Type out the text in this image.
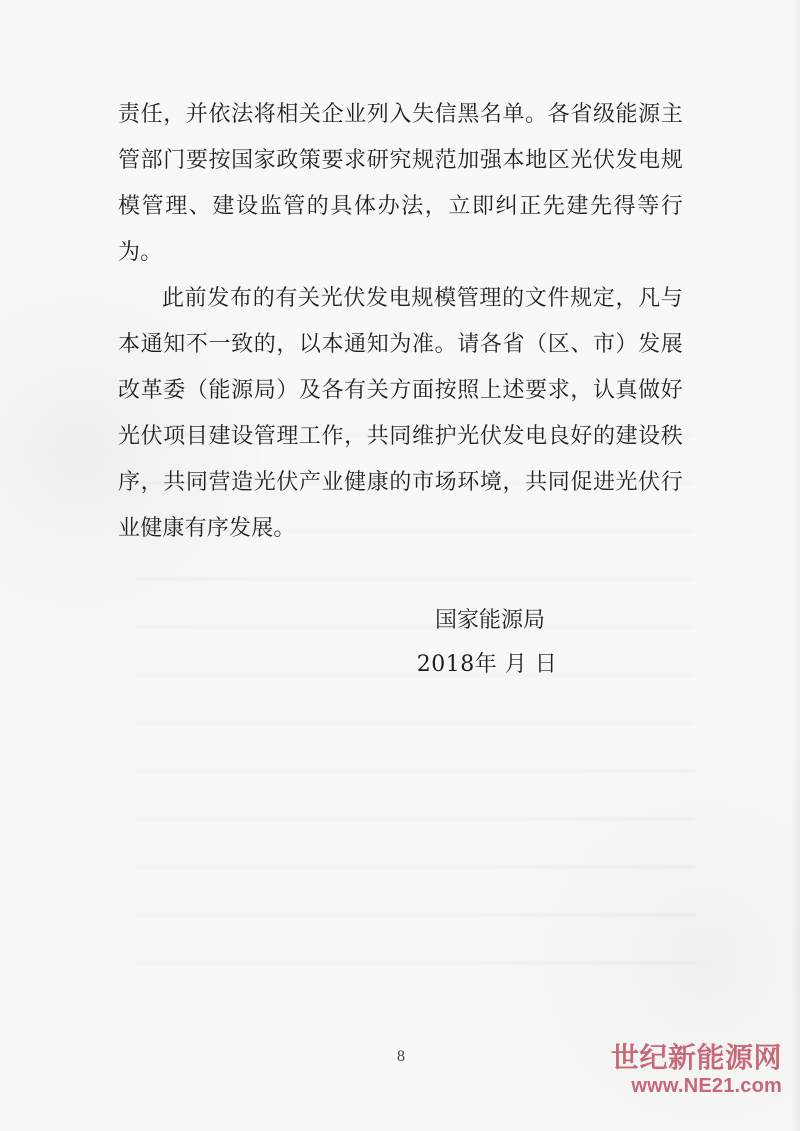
责任，并依法将相关企业列入失信黑名单。各省级能源主管部门要按国家政策要求研究规范加强本地区光伏发电规模管理、建设监管的具体办法，立即纠正先建先得等行为。

此前发布的有关光伏发电规模管理的文件规定，凡与本通知不一致的，以本通知为准。请各省（区、市）发展改革委（能源局）及各有关方面按照上述要求，认真做好光伏项目建设管理工作，共同维护光伏发电良好的建设秩序，共同营造光伏产业健康的市场环境，共同促进光伏行业健康有序发展。

国家能源局
2018年 月 日
8	世纪新能源网
www.NE21.com
